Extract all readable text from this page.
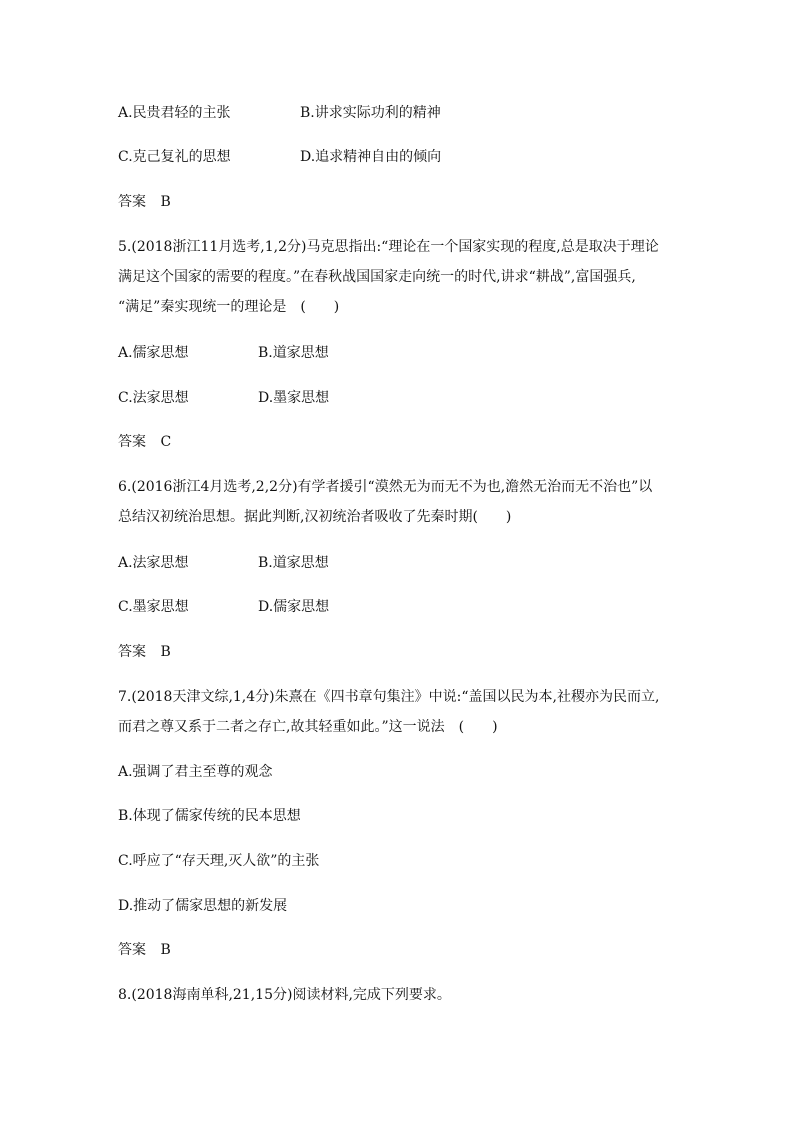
A.民贵君轻的主张	B.讲求实际功利的精神
C.克己复礼的思想	D.追求精神自由的倾向
答案 B
5.(2018浙江11月选考,1,2分)马克思指出:“理论在一个国家实现的程度,总是取决于理论
满足这个国家的需要的程度。”在春秋战国国家走向统一的时代,讲求“耕战”,富国强兵,
“满足”秦实现统一的理论是　(　　)
A.儒家思想	B.道家思想
C.法家思想	D.墨家思想
答案 C
6.(2016浙江4月选考,2,2分)有学者援引“漠然无为而无不为也,澹然无治而无不治也”以
总结汉初统治思想。据此判断,汉初统治者吸收了先秦时期(　　)
A.法家思想	B.道家思想
C.墨家思想	D.儒家思想
答案 B
7.(2018天津文综,1,4分)朱熹在《四书章句集注》中说:“盖国以民为本,社稷亦为民而立,
而君之尊又系于二者之存亡,故其轻重如此。”这一说法　(　　)
A.强调了君主至尊的观念
B.体现了儒家传统的民本思想
C.呼应了“存天理,灭人欲”的主张
D.推动了儒家思想的新发展
答案 B
8.(2018海南单科,21,15分)阅读材料,完成下列要求。
